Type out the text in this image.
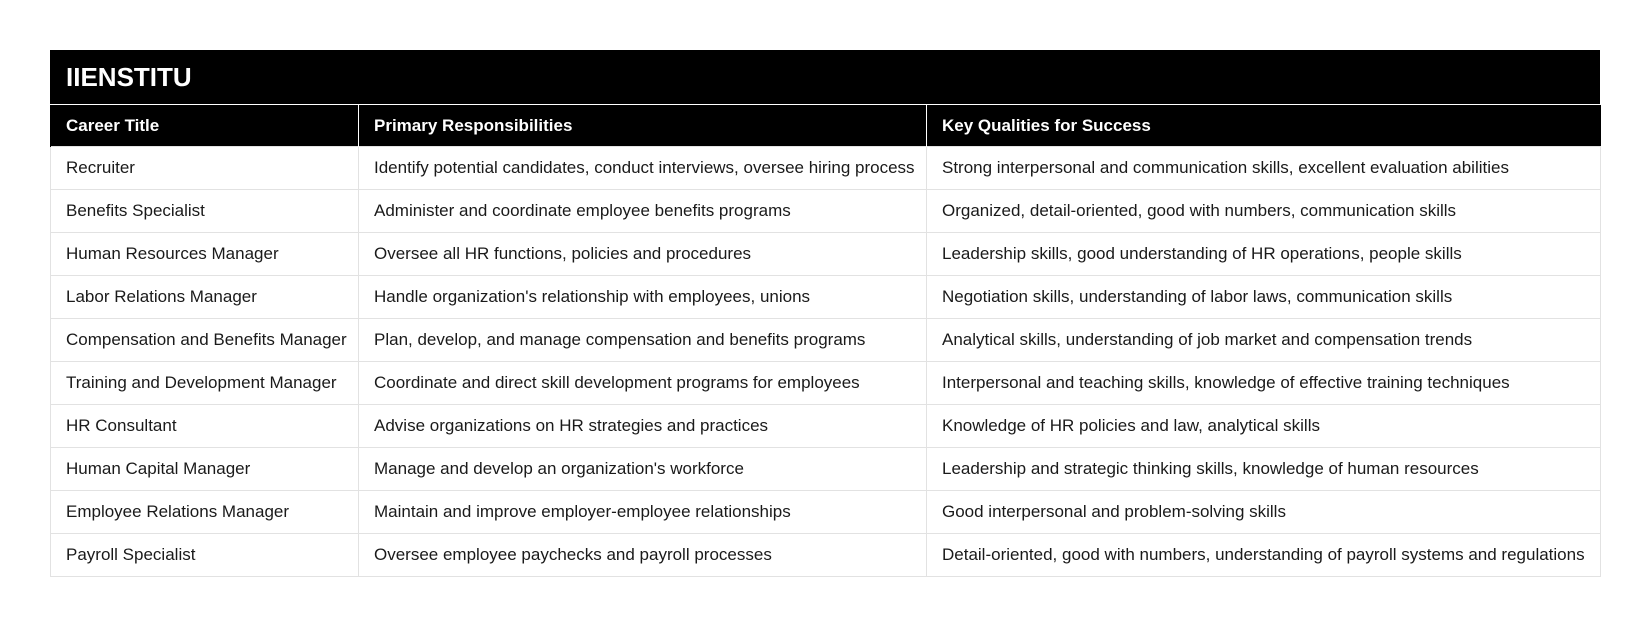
IIENSTITU
Career Title	Primary Responsibilities	Key Qualities for Success
Recruiter	Identify potential candidates, conduct interviews, oversee hiring process	Strong interpersonal and communication skills, excellent evaluation abilities
Benefits Specialist	Administer and coordinate employee benefits programs	Organized, detail-oriented, good with numbers, communication skills
Human Resources Manager	Oversee all HR functions, policies and procedures	Leadership skills, good understanding of HR operations, people skills
Labor Relations Manager	Handle organization's relationship with employees, unions	Negotiation skills, understanding of labor laws, communication skills
Compensation and Benefits Manager	Plan, develop, and manage compensation and benefits programs	Analytical skills, understanding of job market and compensation trends
Training and Development Manager	Coordinate and direct skill development programs for employees	Interpersonal and teaching skills, knowledge of effective training techniques
HR Consultant	Advise organizations on HR strategies and practices	Knowledge of HR policies and law, analytical skills
Human Capital Manager	Manage and develop an organization's workforce	Leadership and strategic thinking skills, knowledge of human resources
Employee Relations Manager	Maintain and improve employer-employee relationships	Good interpersonal and problem-solving skills
Payroll Specialist	Oversee employee paychecks and payroll processes	Detail-oriented, good with numbers, understanding of payroll systems and regulations
